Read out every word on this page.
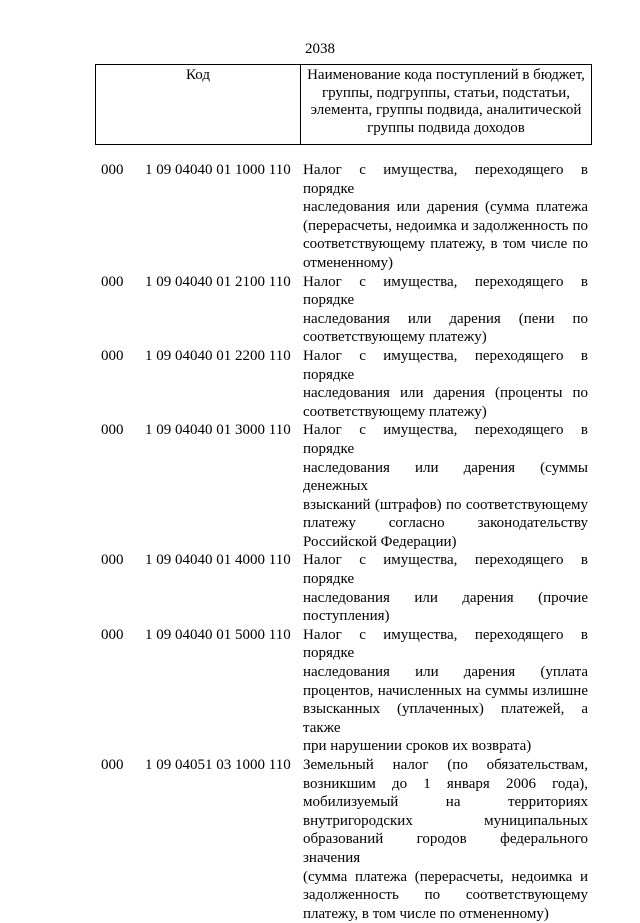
2038
Код	Наименование кода поступлений в бюджет, группы, подгруппы, статьи, подстатьи, элемента, группы подвида, аналитической группы подвида доходов
000 1 09 04040 01 1000 110 Налог с имущества, переходящего в порядке
наследования или дарения (сумма платежа
(перерасчеты, недоимка и задолженность по
соответствующему платежу, в том числе по
отмененному)
000 1 09 04040 01 2100 110 Налог с имущества, переходящего в порядке
наследования или дарения (пени по
соответствующему платежу)
000 1 09 04040 01 2200 110 Налог с имущества, переходящего в порядке
наследования или дарения (проценты по
соответствующему платежу)
000 1 09 04040 01 3000 110 Налог с имущества, переходящего в порядке
наследования или дарения (суммы денежных
взысканий (штрафов) по соответствующему
платежу согласно законодательству
Российской Федерации)
000 1 09 04040 01 4000 110 Налог с имущества, переходящего в порядке
наследования или дарения (прочие
поступления)
000 1 09 04040 01 5000 110 Налог с имущества, переходящего в порядке
наследования или дарения (уплата
процентов, начисленных на суммы излишне
взысканных (уплаченных) платежей, а также
при нарушении сроков их возврата)
000 1 09 04051 03 1000 110 Земельный налог (по обязательствам,
возникшим до 1 января 2006 года),
мобилизуемый на территориях
внутригородских муниципальных
образований городов федерального значения
(сумма платежа (перерасчеты, недоимка и
задолженность по соответствующему
платежу, в том числе по отмененному)
